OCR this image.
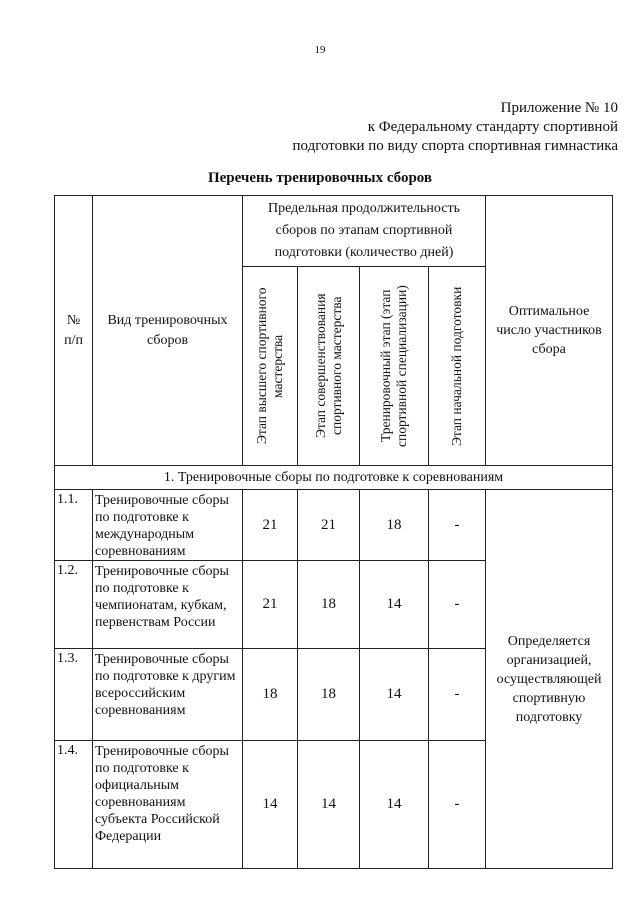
19
Приложение № 10
к Федеральному стандарту спортивной
подготовки по виду спорта спортивная гимнастика
Перечень тренировочных сборов
№
п/п	Вид тренировочных сборов	Предельная продолжительность сборов по этапам спортивной подготовки (количество дней)				Оптимальное число участников сбора

		Этап высшего спортивного мастерства	Этап совершенствования спортивного мастерства	Тренировочный этап (этап спортивной специализации)	Этап начальной подготовки	

1. Тренировочные сборы по подготовке к соревнованиям						
1.1.	Тренировочные сборы по подготовке к международным соревнованиям	21	21	18	-	Определяется организацией, осуществляющей спортивную подготовку

1.2.	Тренировочные сборы по подготовке к чемпионатам, кубкам, первенствам России	21	18	14	-	
1.3.	Тренировочные сборы по подготовке к другим всероссийским соревнованиям	18	18	14	-	
1.4.	Тренировочные сборы по подготовке к официальным соревнованиям субъекта Российской Федерации	14	14	14	-	
